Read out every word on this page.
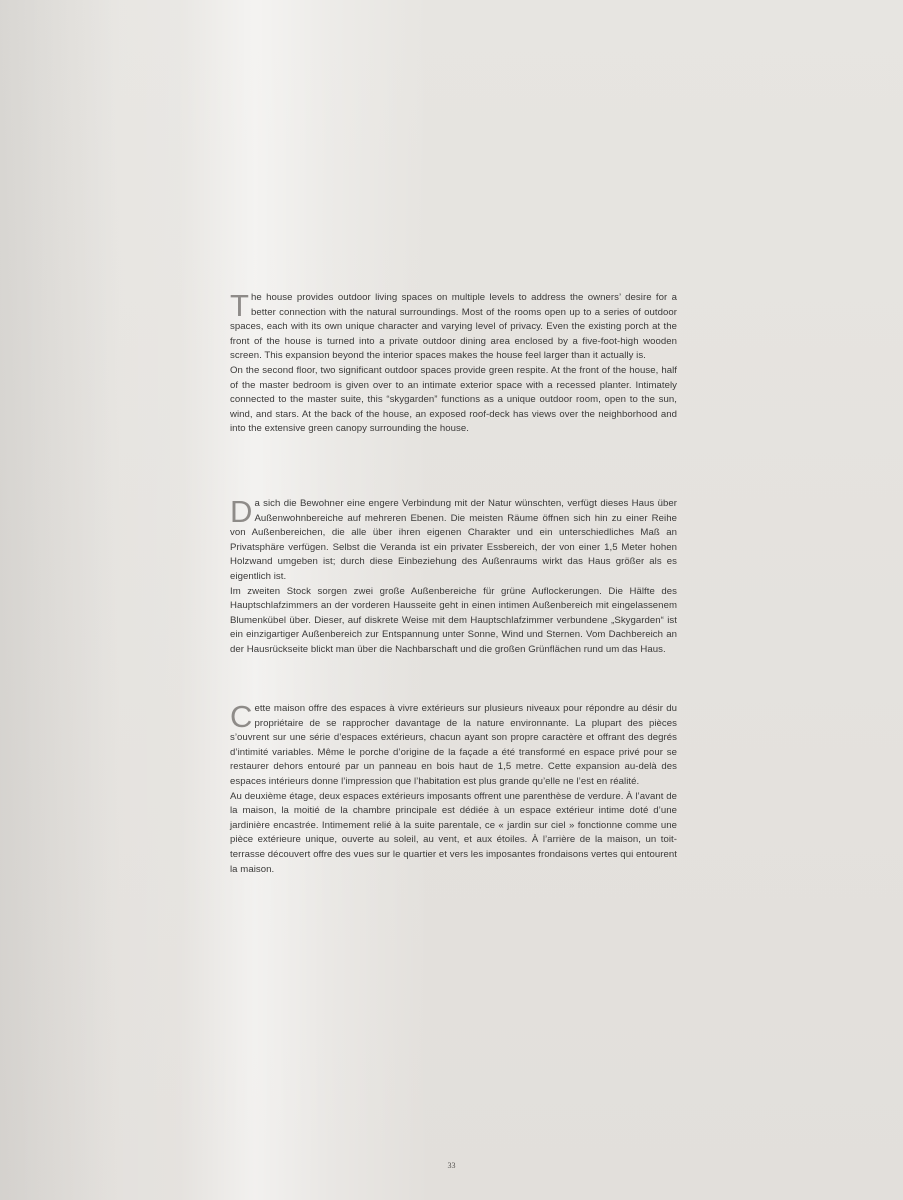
The house provides outdoor living spaces on multiple levels to address the owners’ desire for a better connection with the natural surroundings. Most of the rooms open up to a series of outdoor spaces, each with its own unique character and varying level of privacy. Even the existing porch at the front of the house is turned into a private outdoor dining area enclosed by a five-foot-high wooden screen. This expansion beyond the interior spaces makes the house feel larger than it actually is.

On the second floor, two significant outdoor spaces provide green respite. At the front of the house, half of the master bedroom is given over to an intimate exterior space with a recessed planter. Intimately connected to the master suite, this “skygarden” functions as a unique outdoor room, open to the sun, wind, and stars. At the back of the house, an exposed roof-deck has views over the neighborhood and into the extensive green canopy surrounding the house.

Da sich die Bewohner eine engere Verbindung mit der Natur wünschten, verfügt dieses Haus über Außenwohnbereiche auf mehreren Ebenen. Die meisten Räume öffnen sich hin zu einer Reihe von Außenbereichen, die alle über ihren eigenen Charakter und ein unterschiedliches Maß an Privatsphäre verfügen. Selbst die Veranda ist ein privater Essbereich, der von einer 1,5 Meter hohen Holzwand umgeben ist; durch diese Einbeziehung des Außenraums wirkt das Haus größer als es eigentlich ist.

Im zweiten Stock sorgen zwei große Außenbereiche für grüne Auflockerungen. Die Hälfte des Hauptschlafzimmers an der vorderen Hausseite geht in einen intimen Außenbereich mit eingelassenem Blumenkübel über. Dieser, auf diskrete Weise mit dem Hauptschlafzimmer verbundene „Skygarden“ ist ein einzigartiger Außenbereich zur Entspannung unter Sonne, Wind und Sternen. Vom Dachbereich an der Hausrückseite blickt man über die Nachbarschaft und die großen Grünflächen rund um das Haus.

Cette maison offre des espaces à vivre extérieurs sur plusieurs niveaux pour répondre au désir du propriétaire de se rapprocher davantage de la nature environnante. La plupart des pièces s’ouvrent sur une série d’espaces extérieurs, chacun ayant son propre caractère et offrant des degrés d’intimité variables. Même le porche d’origine de la façade a été transformé en espace privé pour se restaurer dehors entouré par un panneau en bois haut de 1,5 metre. Cette expansion au-delà des espaces intérieurs donne l’impression que l’habitation est plus grande qu’elle ne l’est en réalité.

Au deuxième étage, deux espaces extérieurs imposants offrent une parenthèse de verdure. À l’avant de la maison, la moitié de la chambre principale est dédiée à un espace extérieur intime doté d’une jardinière encastrée. Intimement relié à la suite parentale, ce « jardin sur ciel » fonctionne comme une pièce extérieure unique, ouverte au soleil, au vent, et aux étoiles. À l’arrière de la maison, un toit-terrasse découvert offre des vues sur le quartier et vers les imposantes frondaisons vertes qui entourent la maison.

33
